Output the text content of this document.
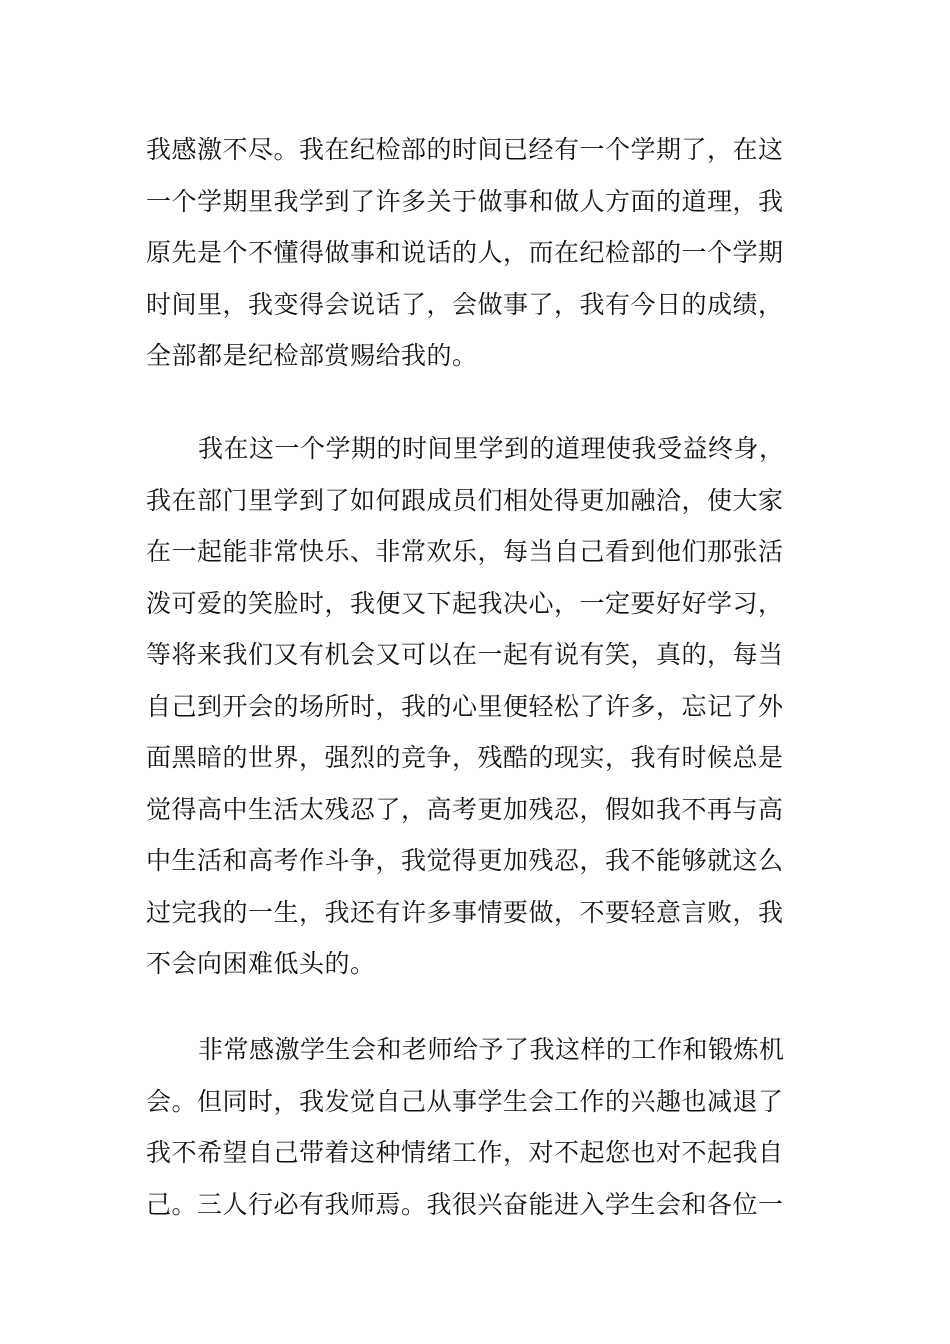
我感激不尽。我在纪检部的时间已经有一个学期了，在这
一个学期里我学到了许多关于做事和做人方面的道理，我
原先是个不懂得做事和说话的人，而在纪检部的一个学期
时间里，我变得会说话了，会做事了，我有今日的成绩，
全部都是纪检部赏赐给我的。
我在这一个学期的时间里学到的道理使我受益终身，
我在部门里学到了如何跟成员们相处得更加融洽，使大家
在一起能非常快乐、非常欢乐，每当自己看到他们那张活
泼可爱的笑脸时，我便又下起我决心，一定要好好学习，
等将来我们又有机会又可以在一起有说有笑，真的，每当
自己到开会的场所时，我的心里便轻松了许多，忘记了外
面黑暗的世界，强烈的竞争，残酷的现实，我有时候总是
觉得高中生活太残忍了，高考更加残忍，假如我不再与高
中生活和高考作斗争，我觉得更加残忍，我不能够就这么
过完我的一生，我还有许多事情要做，不要轻意言败，我
不会向困难低头的。
非常感激学生会和老师给予了我这样的工作和锻炼机
会。但同时，我发觉自己从事学生会工作的兴趣也减退了
我不希望自己带着这种情绪工作，对不起您也对不起我自
己。三人行必有我师焉。我很兴奋能进入学生会和各位一
